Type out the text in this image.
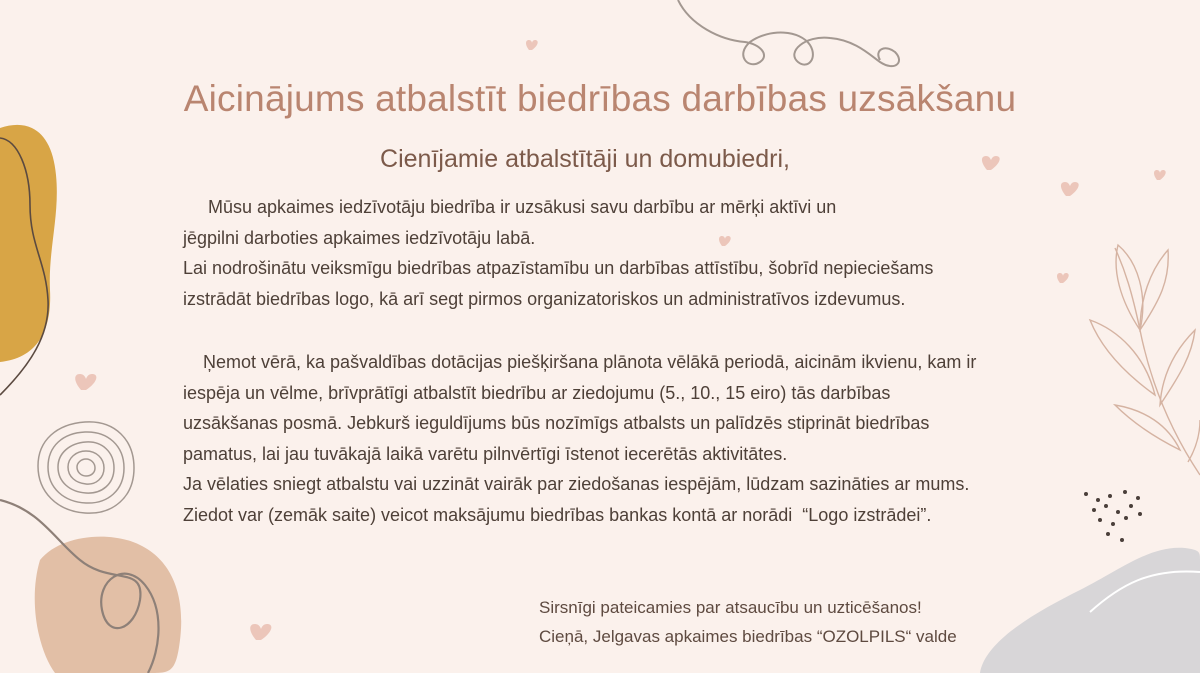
Aicinājums atbalstīt biedrības darbības uzsākšanu
Cienījamie atbalstītāji un domubiedri,

Mūsu apkaimes iedzīvotāju biedrība ir uzsākusi savu darbību ar mērķi aktīvi un

jēgpilni darboties apkaimes iedzīvotāju labā.

Lai nodrošinātu veiksmīgu biedrības atpazīstamību un darbības attīstību, šobrīd nepieciešams

izstrādāt biedrības logo, kā arī segt pirmos organizatoriskos un administratīvos izdevumus.

Ņemot vērā, ka pašvaldības dotācijas piešķiršana plānota vēlākā periodā, aicinām ikvienu, kam ir

iespēja un vēlme, brīvprātīgi atbalstīt biedrību ar ziedojumu (5., 10., 15 eiro) tās darbības

uzsākšanas posmā. Jebkurš ieguldījums būs nozīmīgs atbalsts un palīdzēs stiprināt biedrības

pamatus, lai jau tuvākajā laikā varētu pilnvērtīgi īstenot iecerētās aktivitātes.

Ja vēlaties sniegt atbalstu vai uzzināt vairāk par ziedošanas iespējām, lūdzam sazināties ar mums.

Ziedot var (zemāk saite) veicot maksājumu biedrības bankas kontā ar norādi  “Logo izstrādei”.

Sirsnīgi pateicamies par atsaucību un uzticēšanos!

Cieņā, Jelgavas apkaimes biedrības “OZOLPILS“ valde
